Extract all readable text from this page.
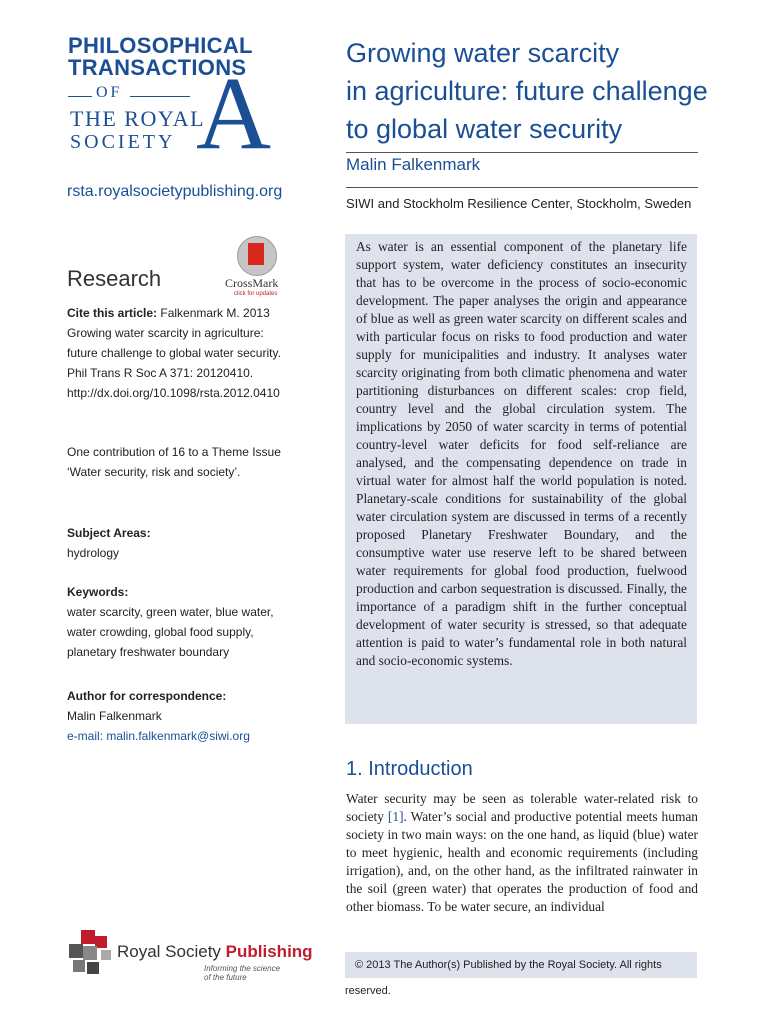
PHILOSOPHICAL
TRANSACTIONS
OF
THE ROYAL
SOCIETY A
rsta.royalsocietypublishing.org
Research	CrossMark
click for updates
Cite this article: Falkenmark M. 2013 Growing water scarcity in agriculture: future challenge to global water security. Phil Trans R Soc A 371: 20120410.
http://dx.doi.org/10.1098/rsta.2012.0410
One contribution of 16 to a Theme Issue ‘Water security, risk and society’.
Subject Areas:
hydrology
Keywords:
water scarcity, green water, blue water, water crowding, global food supply, planetary freshwater boundary
Author for correspondence:
Malin Falkenmark
e-mail: malin.falkenmark@siwi.org
Growing water scarcity
in agriculture: future challenge
to global water security
Malin Falkenmark
SIWI and Stockholm Resilience Center, Stockholm, Sweden
As water is an essential component of the planetary life support system, water deficiency constitutes an insecurity that has to be overcome in the process of socio-economic development. The paper analyses the origin and appearance of blue as well as green water scarcity on different scales and with particular focus on risks to food production and water supply for municipalities and industry. It analyses water scarcity originating from both climatic phenomena and water partitioning disturbances on different scales: crop field, country level and the global circulation system. The implications by 2050 of water scarcity in terms of potential country-level water deficits for food self-reliance are analysed, and the compensating dependence on trade in virtual water for almost half the world population is noted. Planetary-scale conditions for sustainability of the global water circulation system are discussed in terms of a recently proposed Planetary Freshwater Boundary, and the consumptive water use reserve left to be shared between water requirements for global food production, fuelwood production and carbon sequestration is discussed. Finally, the importance of a paradigm shift in the further conceptual development of water security is stressed, so that adequate attention is paid to water’s fundamental role in both natural and socio-economic systems.
1. Introduction
Water security may be seen as tolerable water-related risk to society [1]. Water’s social and productive potential meets human society in two main ways: on the one hand, as liquid (blue) water to meet hygienic, health and economic requirements (including irrigation), and, on the other hand, as the infiltrated rainwater in the soil (green water) that operates the production of food and other biomass. To be water secure, an individual
© 2013 The Author(s) Published by the Royal Society. All rights reserved.
Royal Society Publishing
Informing the science
of the future
